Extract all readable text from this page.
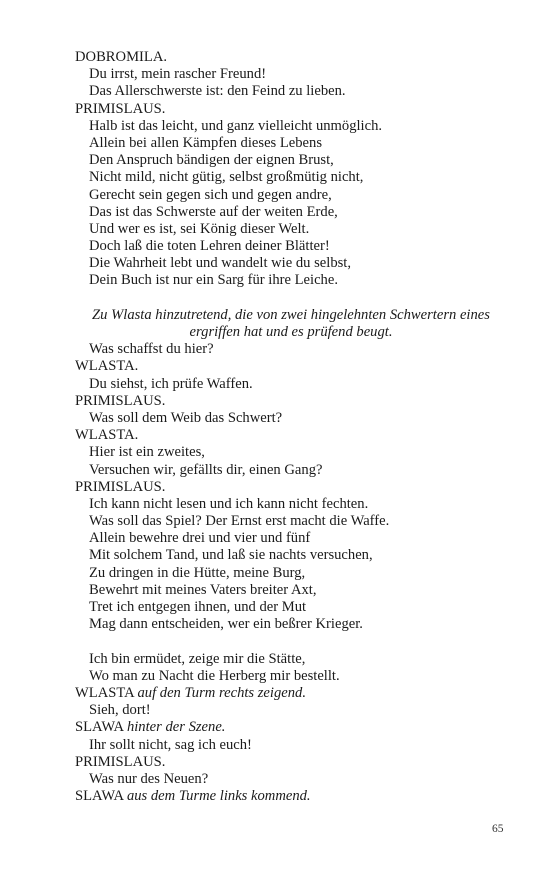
DOBROMILA.
Du irrst, mein rascher Freund!
Das Allerschwerste ist: den Feind zu lieben.
PRIMISLAUS.
Halb ist das leicht, und ganz vielleicht unmöglich.
Allein bei allen Kämpfen dieses Lebens
Den Anspruch bändigen der eignen Brust,
Nicht mild, nicht gütig, selbst großmütig nicht,
Gerecht sein gegen sich und gegen andre,
Das ist das Schwerste auf der weiten Erde,
Und wer es ist, sei König dieser Welt.
Doch laß die toten Lehren deiner Blätter!
Die Wahrheit lebt und wandelt wie du selbst,
Dein Buch ist nur ein Sarg für ihre Leiche.
Zu Wlasta hinzutretend, die von zwei hingelehnten Schwertern eines ergriffen hat und es prüfend beugt.
Was schaffst du hier?
WLASTA.
Du siehst, ich prüfe Waffen.
PRIMISLAUS.
Was soll dem Weib das Schwert?
WLASTA.
Hier ist ein zweites,
Versuchen wir, gefällts dir, einen Gang?
PRIMISLAUS.
Ich kann nicht lesen und ich kann nicht fechten.
Was soll das Spiel? Der Ernst erst macht die Waffe.
Allein bewehre drei und vier und fünf
Mit solchem Tand, und laß sie nachts versuchen,
Zu dringen in die Hütte, meine Burg,
Bewehrt mit meines Vaters breiter Axt,
Tret ich entgegen ihnen, und der Mut
Mag dann entscheiden, wer ein beßrer Krieger.
Ich bin ermüdet, zeige mir die Stätte,
Wo man zu Nacht die Herberg mir bestellt.
WLASTA auf den Turm rechts zeigend.
Sieh, dort!
SLAWA hinter der Szene.
Ihr sollt nicht, sag ich euch!
PRIMISLAUS.
Was nur des Neuen?
SLAWA aus dem Turme links kommend.
65
